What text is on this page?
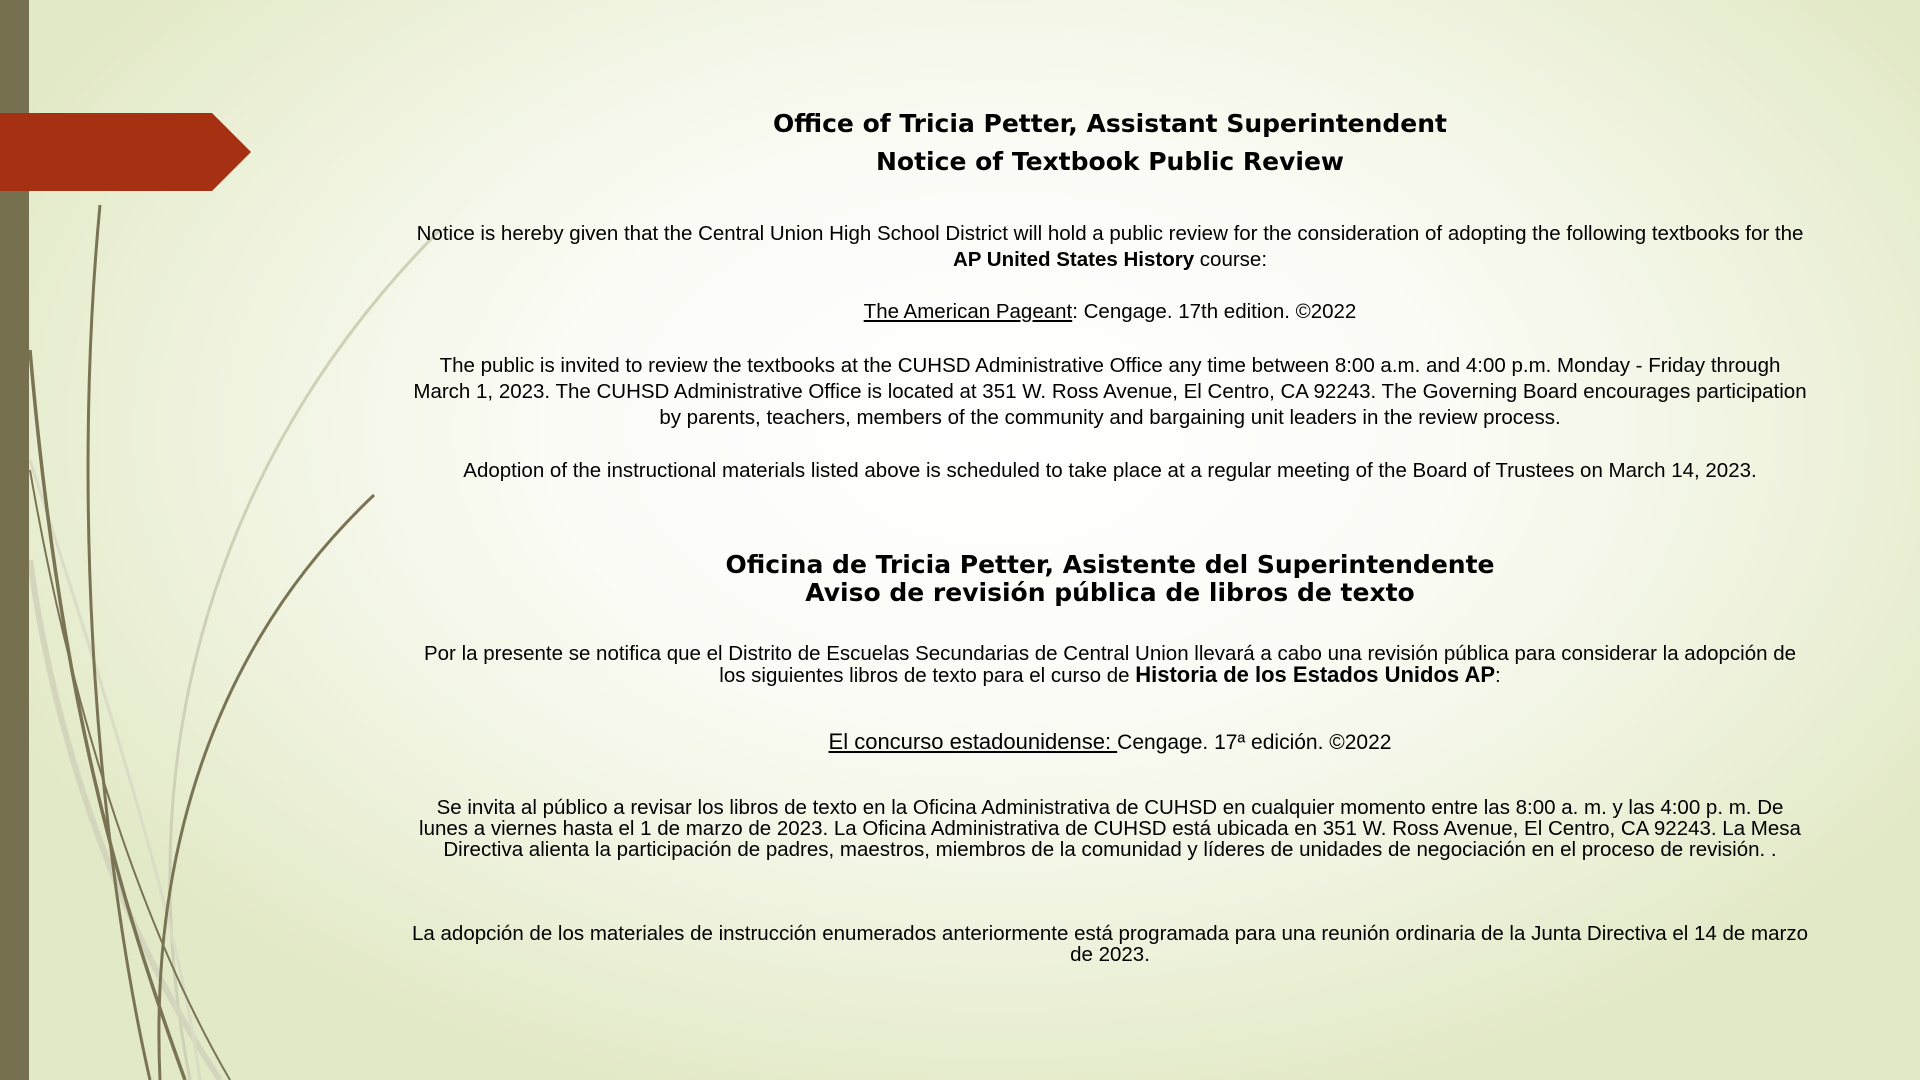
Office of Tricia Petter, Assistant Superintendent

Notice of Textbook Public Review

Notice is hereby given that the Central Union High School District will hold a public review for the consideration of adopting the following textbooks for the AP United States History course:

The American Pageant: Cengage. 17th edition. ©2022

The public is invited to review the textbooks at the CUHSD Administrative Office any time between 8:00 a.m. and 4:00 p.m. Monday - Friday through March 1, 2023. The CUHSD Administrative Office is located at 351 W. Ross Avenue, El Centro, CA 92243. The Governing Board encourages participation by parents, teachers, members of the community and bargaining unit leaders in the review process.

Adoption of the instructional materials listed above is scheduled to take place at a regular meeting of the Board of Trustees on March 14, 2023.

Oficina de Tricia Petter, Asistente del Superintendente

Aviso de revisión pública de libros de texto

Por la presente se notifica que el Distrito de Escuelas Secundarias de Central Union llevará a cabo una revisión pública para considerar la adopción de los siguientes libros de texto para el curso de Historia de los Estados Unidos AP:

El concurso estadounidense: Cengage. 17ª edición. ©2022

Se invita al público a revisar los libros de texto en la Oficina Administrativa de CUHSD en cualquier momento entre las 8:00 a. m. y las 4:00 p. m. De lunes a viernes hasta el 1 de marzo de 2023. La Oficina Administrativa de CUHSD está ubicada en 351 W. Ross Avenue, El Centro, CA 92243. La Mesa Directiva alienta la participación de padres, maestros, miembros de la comunidad y líderes de unidades de negociación en el proceso de revisión. .

La adopción de los materiales de instrucción enumerados anteriormente está programada para una reunión ordinaria de la Junta Directiva el 14 de marzo de 2023.
